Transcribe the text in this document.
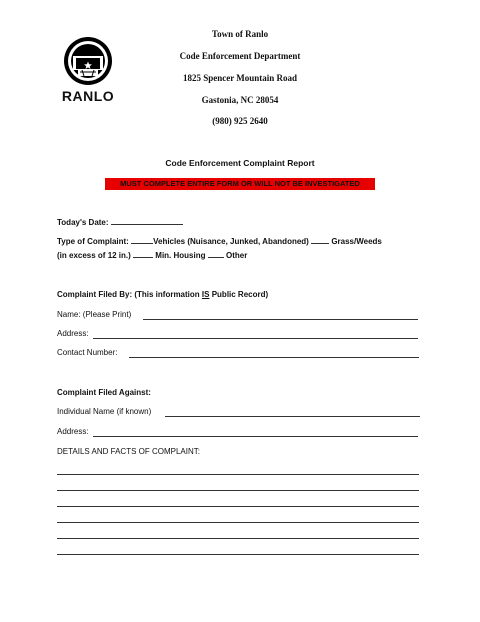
Town of Ranlo
Code Enforcement Department
1825 Spencer Mountain Road
Gastonia, NC 28054
(980) 925 2640
RANLO
Code Enforcement Complaint Report
MUST COMPLETE ENTIRE FORM OR WILL NOT BE INVESTIGATED
Today's Date:
Type of Complaint:	Vehicles (Nuisance, Junked, Abandoned)	Grass/Weeds
(in excess of 12 in.)	Min. Housing	Other
Complaint Filed By: (This information IS Public Record)
Name: (Please Print)
Address:
Contact Number:
Complaint Filed Against:
Individual Name (if known)
Address:
DETAILS AND FACTS OF COMPLAINT:
